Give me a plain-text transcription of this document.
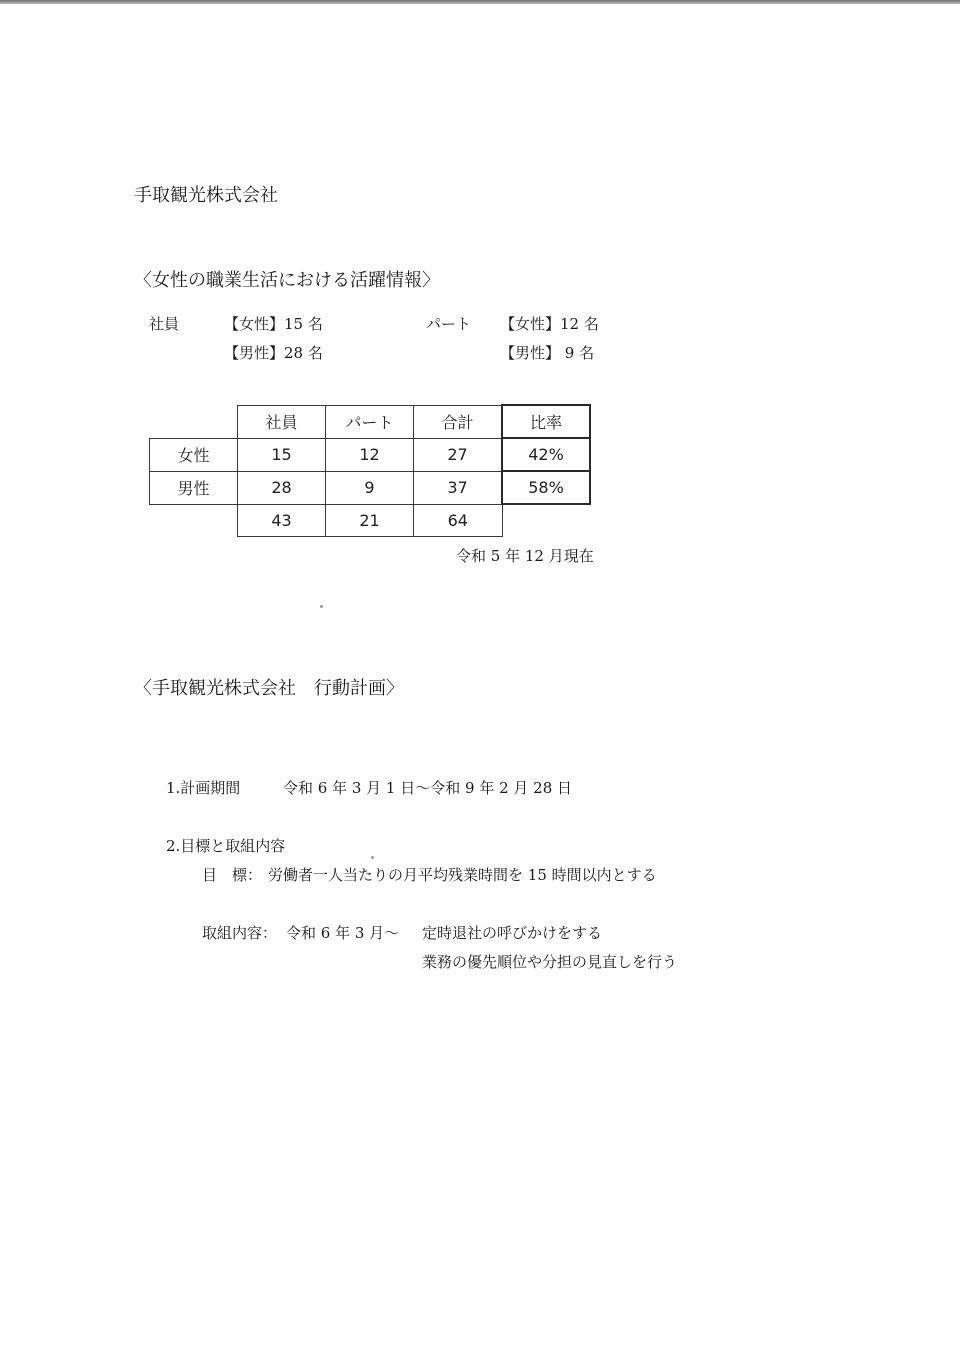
手取観光株式会社
〈女性の職業生活における活躍情報〉
社員	【女性】15 名
【男性】28 名
パート 【女性】12 名
【男性】 9 名
	社員	パート	合計	比率
女性	15	12	27	42%
男性	28	9	37	58%
	43	21	64	
令和 5 年 12 月現在
〈手取観光株式会社　行動計画〉
1.計画期間	令和 6 年 3 月 1 日〜令和 9 年 2 月 28 日
2.目標と取組内容
目　標： 労働者一人当たりの月平均残業時間を 15 時間以内とする
取組内容： 令和 6 年 3 月〜 定時退社の呼びかけをする
業務の優先順位や分担の見直しを行う
